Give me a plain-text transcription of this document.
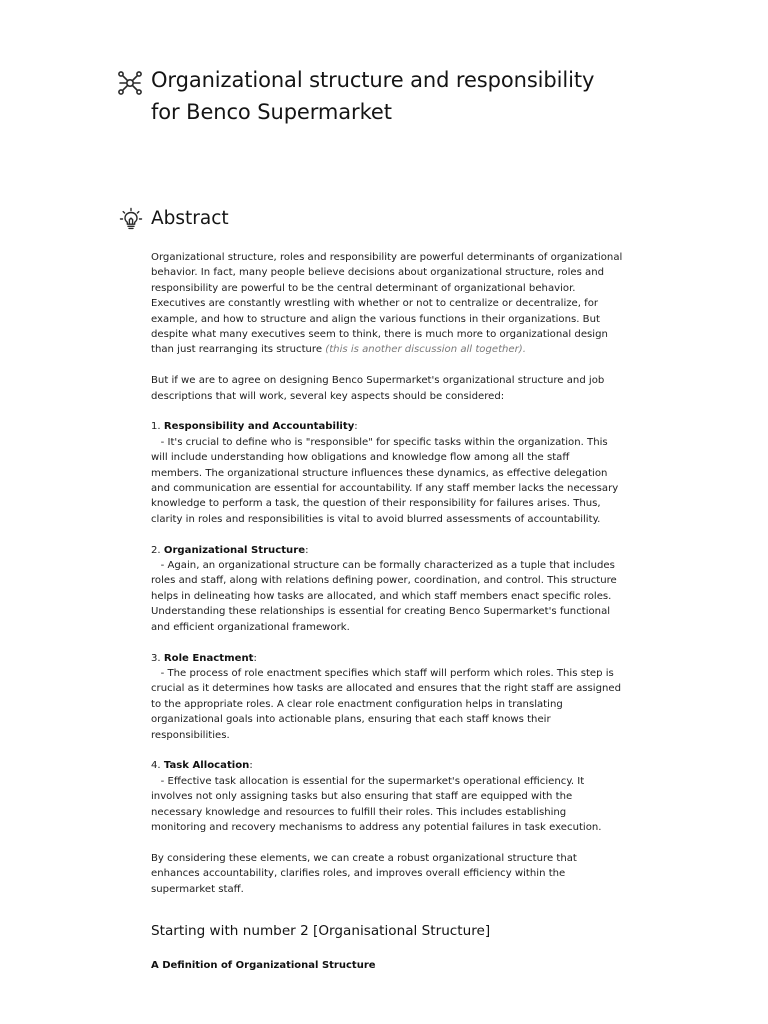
Organizational structure and responsibility
for Benco Supermarket
Abstract

Organizational structure, roles and responsibility are powerful determinants of organizational behavior. In fact, many people believe decisions about organizational structure, roles and responsibility are powerful to be the central determinant of organizational behavior. Executives are constantly wrestling with whether or not to centralize or decentralize, for example, and how to structure and align the various functions in their organizations. But despite what many executives seem to think, there is much more to organizational design than just rearranging its structure (this is another discussion all together).

But if we are to agree on designing Benco Supermarket's organizational structure and job descriptions that will work, several key aspects should be considered:

1. Responsibility and Accountability:
- It's crucial to define who is "responsible" for specific tasks within the organization. This will include understanding how obligations and knowledge flow among all the staff members. The organizational structure influences these dynamics, as effective delegation and communication are essential for accountability. If any staff member lacks the necessary knowledge to perform a task, the question of their responsibility for failures arises. Thus, clarity in roles and responsibilities is vital to avoid blurred assessments of accountability.
2. Organizational Structure:
- Again, an organizational structure can be formally characterized as a tuple that includes roles and staff, along with relations defining power, coordination, and control. This structure helps in delineating how tasks are allocated, and which staff members enact specific roles. Understanding these relationships is essential for creating Benco Supermarket's functional and efficient organizational framework.
3. Role Enactment:
- The process of role enactment specifies which staff will perform which roles. This step is crucial as it determines how tasks are allocated and ensures that the right staff are assigned to the appropriate roles. A clear role enactment configuration helps in translating organizational goals into actionable plans, ensuring that each staff knows their responsibilities.
4. Task Allocation:
- Effective task allocation is essential for the supermarket's operational efficiency. It involves not only assigning tasks but also ensuring that staff are equipped with the necessary knowledge and resources to fulfill their roles. This includes establishing monitoring and recovery mechanisms to address any potential failures in task execution.

By considering these elements, we can create a robust organizational structure that enhances accountability, clarifies roles, and improves overall efficiency within the supermarket staff.

Starting with number 2 [Organisational Structure]
A Definition of Organizational Structure
